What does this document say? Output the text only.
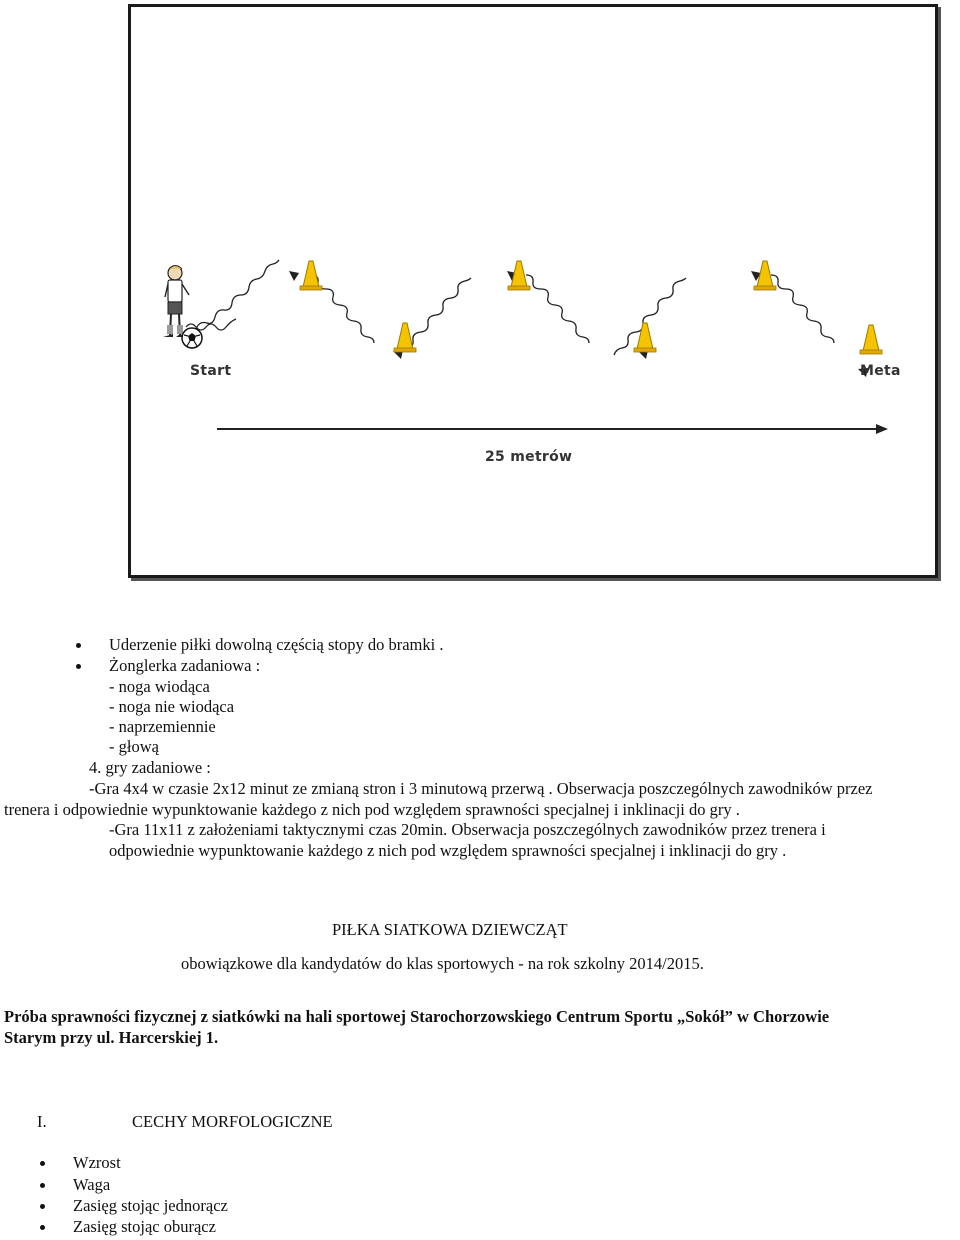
Start	Meta
25 metrów
Uderzenie piłki dowolną częścią stopy do bramki .
Żonglerka zadaniowa :
- noga wiodąca
- noga nie wiodąca
- naprzemiennie
- głową
4. gry zadaniowe :
-Gra 4x4 w czasie 2x12 minut ze zmianą stron i 3 minutową przerwą . Obserwacja poszczególnych zawodników przez
trenera i odpowiednie wypunktowanie każdego z nich pod względem sprawności specjalnej i inklinacji do gry .
-Gra 11x11 z założeniami taktycznymi czas 20min. Obserwacja poszczególnych zawodników przez trenera i
odpowiednie wypunktowanie każdego z nich pod względem sprawności specjalnej i inklinacji do gry .
PIŁKA SIATKOWA DZIEWCZĄT
obowiązkowe dla kandydatów do klas sportowych - na rok szkolny 2014/2015.
Próba sprawności fizycznej z siatkówki na hali sportowej Starochorzowskiego Centrum Sportu „Sokół” w Chorzowie
Starym przy ul. Harcerskiej 1.
I.	CECHY MORFOLOGICZNE
Wzrost
Waga
Zasięg stojąc jednorącz
Zasięg stojąc oburącz
